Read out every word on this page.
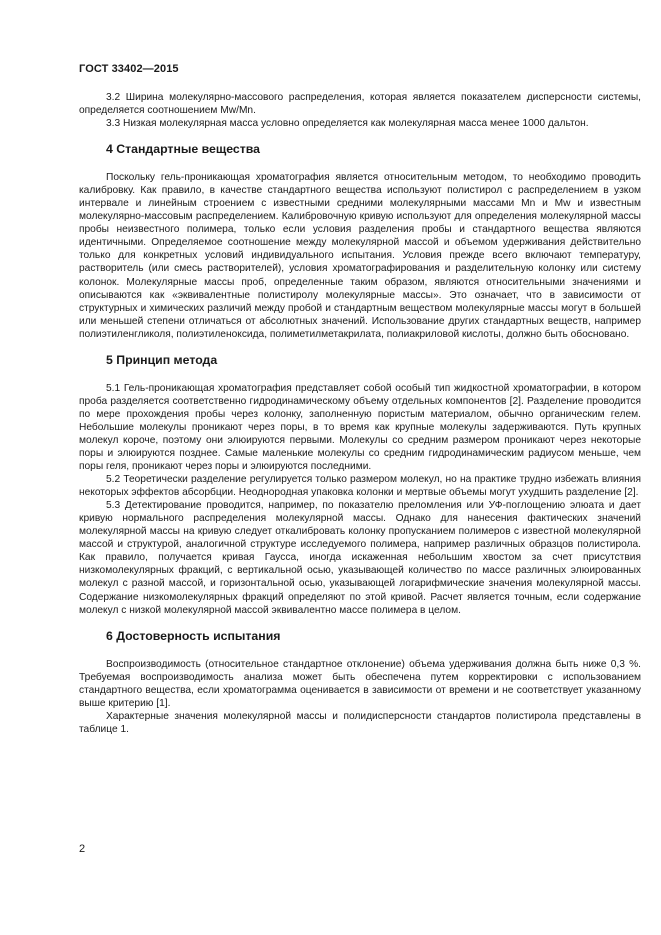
ГОСТ 33402—2015

3.2 Ширина молекулярно-массового распределения, которая является показателем дисперсности системы, определяется соотношением Mw/Mn.

3.3 Низкая молекулярная масса условно определяется как молекулярная масса менее 1000 дальтон.

4 Стандартные вещества

Поскольку гель-проникающая хроматография является относительным методом, то необходимо проводить калибровку. Как правило, в качестве стандартного вещества используют полистирол с распределением в узком интервале и линейным строением с известными средними молекулярными массами Mn и Mw и известным молекулярно-массовым распределением. Калибровочную кривую используют для определения молекулярной массы пробы неизвестного полимера, только если условия разделения пробы и стандартного вещества являются идентичными. Определяемое соотношение между молекулярной массой и объемом удерживания действительно только для конкретных условий индивидуального испытания. Условия прежде всего включают температуру, растворитель (или смесь растворителей), условия хроматографирования и разделительную колонку или систему колонок. Молекулярные массы проб, определенные таким образом, являются относительными значениями и описываются как «эквивалентные полистиролу молекулярные массы». Это означает, что в зависимости от структурных и химических различий между пробой и стандартным веществом молекулярные массы могут в большей или меньшей степени отличаться от абсолютных значений. Использование других стандартных веществ, например полиэтиленгликоля, полиэтиленоксида, полиметилметакрилата, полиакриловой кислоты, должно быть обосновано.

5 Принцип метода

5.1 Гель-проникающая хроматография представляет собой особый тип жидкостной хроматографии, в котором проба разделяется соответственно гидродинамическому объему отдельных компонентов [2]. Разделение проводится по мере прохождения пробы через колонку, заполненную пористым материалом, обычно органическим гелем. Небольшие молекулы проникают через поры, в то время как крупные молекулы задерживаются. Путь крупных молекул короче, поэтому они элюируются первыми. Молекулы со средним размером проникают через некоторые поры и элюируются позднее. Самые маленькие молекулы со средним гидродинамическим радиусом меньше, чем поры геля, проникают через поры и элюируются последними.

5.2 Теоретически разделение регулируется только размером молекул, но на практике трудно избежать влияния некоторых эффектов абсорбции. Неоднородная упаковка колонки и мертвые объемы могут ухудшить разделение [2].

5.3 Детектирование проводится, например, по показателю преломления или УФ-поглощению элюата и дает кривую нормального распределения молекулярной массы. Однако для нанесения фактических значений молекулярной массы на кривую следует откалибровать колонку пропусканием полимеров с известной молекулярной массой и структурой, аналогичной структуре исследуемого полимера, например различных образцов полистирола. Как правило, получается кривая Гаусса, иногда искаженная небольшим хвостом за счет присутствия низкомолекулярных фракций, с вертикальной осью, указывающей количество по массе различных элюированных молекул с разной массой, и горизонтальной осью, указывающей логарифмические значения молекулярной массы. Содержание низкомолекулярных фракций определяют по этой кривой. Расчет является точным, если содержание молекул с низкой молекулярной массой эквивалентно массе полимера в целом.

6 Достоверность испытания

Воспроизводимость (относительное стандартное отклонение) объема удерживания должна быть ниже 0,3 %. Требуемая воспроизводимость анализа может быть обеспечена путем корректировки с использованием стандартного вещества, если хроматограмма оценивается в зависимости от времени и не соответствует указанному выше критерию [1].

Характерные значения молекулярной массы и полидисперсности стандартов полистирола представлены в таблице 1.

2
